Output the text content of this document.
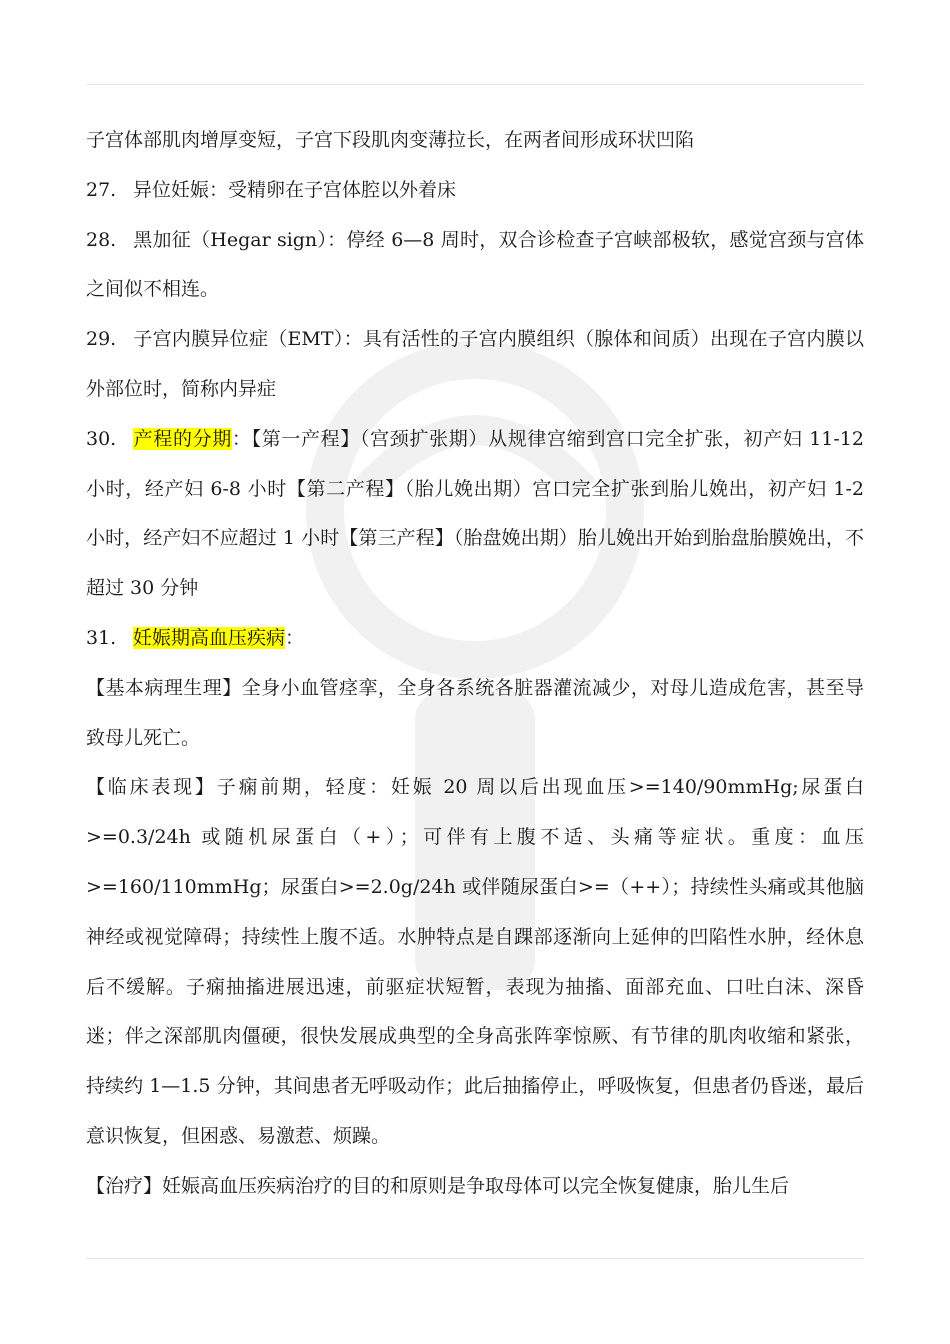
子宫体部肌肉增厚变短，子宫下段肌肉变薄拉长，在两者间形成环状凹陷

27. 异位妊娠：受精卵在子宫体腔以外着床

28. 黑加征（Hegar sign）：停经 6—8 周时，双合诊检查子宫峡部极软，感觉宫颈与宫体之间似不相连。

29. 子宫内膜异位症（EMT）：具有活性的子宫内膜组织（腺体和间质）出现在子宫内膜以外部位时，简称内异症

30. 产程的分期：【第一产程】（宫颈扩张期）从规律宫缩到宫口完全扩张，初产妇 11-12 小时，经产妇 6-8 小时【第二产程】（胎儿娩出期）宫口完全扩张到胎儿娩出，初产妇 1-2 小时，经产妇不应超过 1 小时【第三产程】（胎盘娩出期）胎儿娩出开始到胎盘胎膜娩出，不超过 30 分钟

31. 妊娠期高血压疾病：

【基本病理生理】全身小血管痉挛，全身各系统各脏器灌流减少，对母儿造成危害，甚至导致母儿死亡。

【临床表现】子痫前期，轻度：妊娠 20 周以后出现血压>=140/90mmHg;尿蛋白>=0.3/24h 或随机尿蛋白（+）；可伴有上腹不适、头痛等症状。重度：血压>=160/110mmHg；尿蛋白>=2.0g/24h 或伴随尿蛋白>=（++）；持续性头痛或其他脑神经或视觉障碍；持续性上腹不适。水肿特点是自踝部逐渐向上延伸的凹陷性水肿，经休息后不缓解。子痫抽搐进展迅速，前驱症状短暂，表现为抽搐、面部充血、口吐白沫、深昏迷；伴之深部肌肉僵硬，很快发展成典型的全身高张阵挛惊厥、有节律的肌肉收缩和紧张，持续约 1—1.5 分钟，其间患者无呼吸动作；此后抽搐停止，呼吸恢复，但患者仍昏迷，最后意识恢复，但困惑、易激惹、烦躁。

【治疗】妊娠高血压疾病治疗的目的和原则是争取母体可以完全恢复健康，胎儿生后
